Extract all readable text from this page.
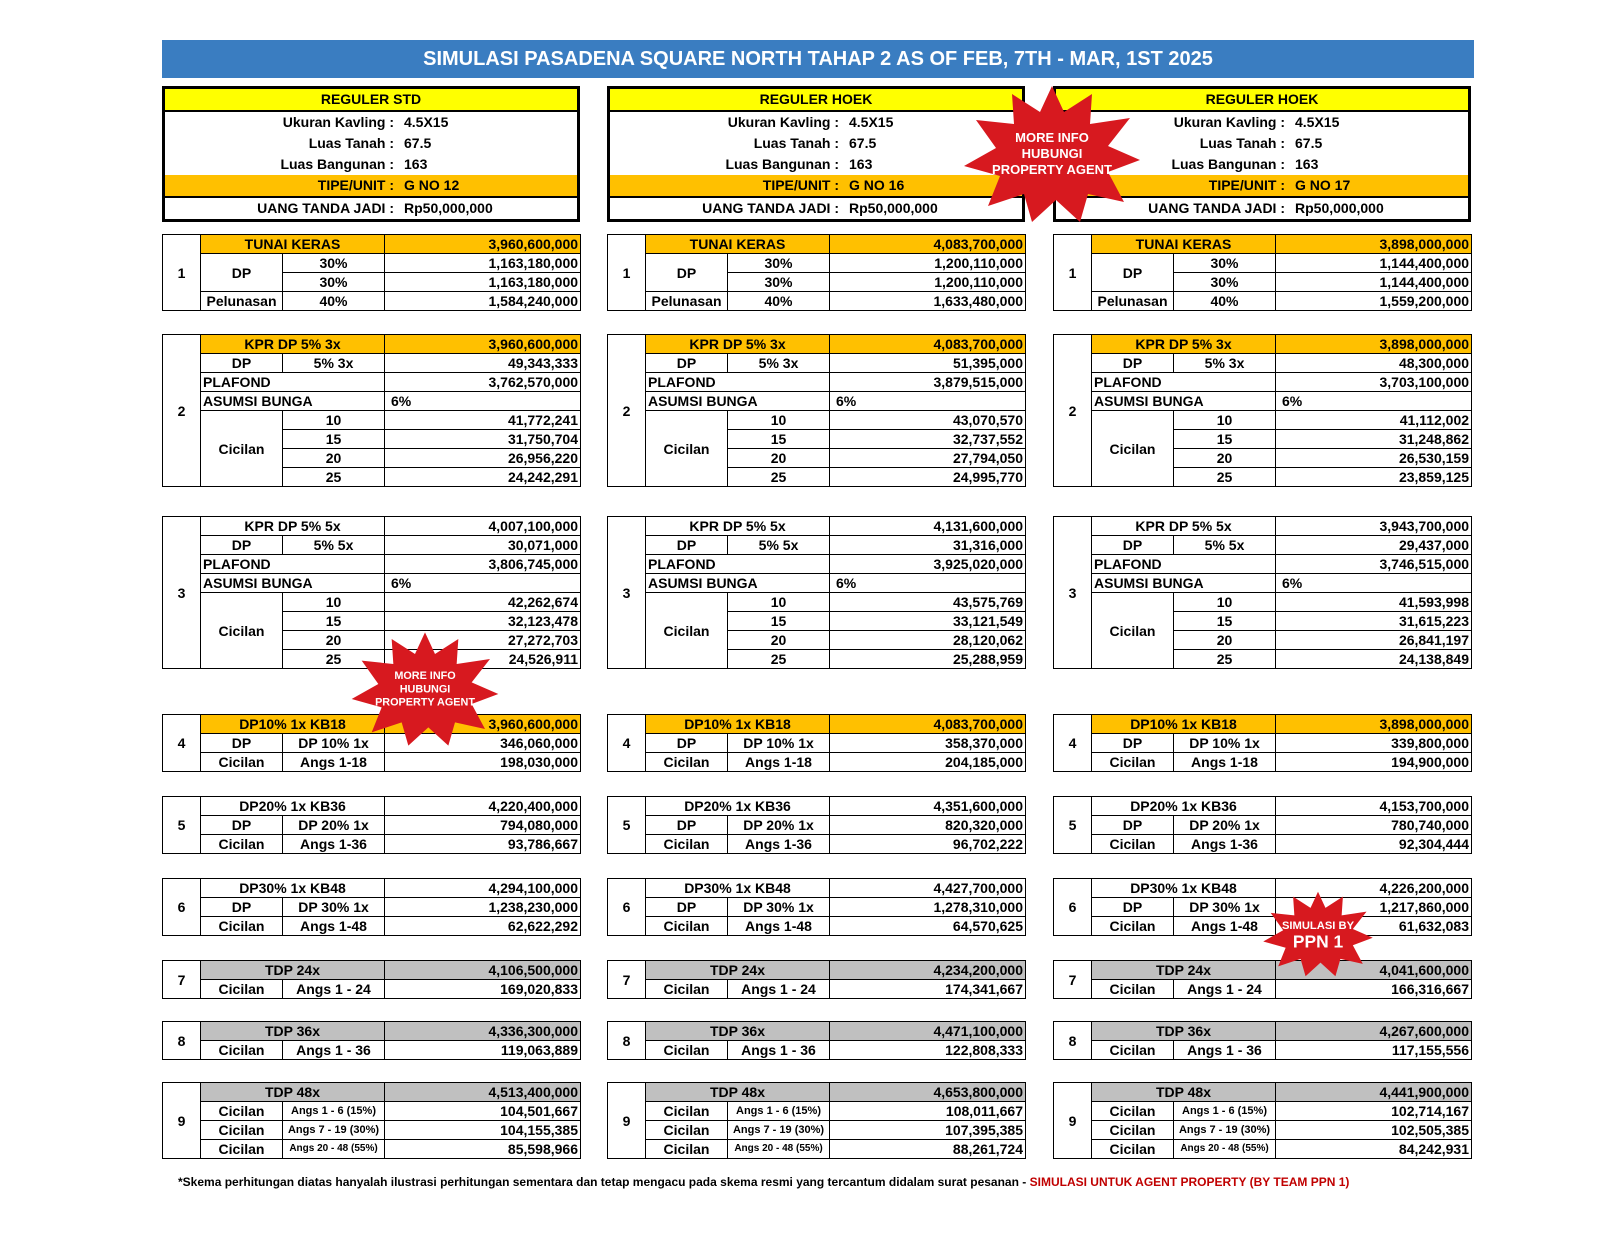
SIMULASI PASADENA SQUARE NORTH TAHAP 2 AS OF FEB, 7TH - MAR, 1ST 2025
REGULER STD
Ukuran Kavling : 4.5X15
Luas Tanah : 67.5
Luas Bangunan : 163
TIPE/UNIT : G NO 12
UANG TANDA JADI : Rp50,000,000
1	TUNAI KERAS		3,960,600,000
	DP	30%	1,163,180,000
		30%	1,163,180,000
	Pelunasan	40%	1,584,240,000
2	KPR DP 5% 3x		3,960,600,000
	DP	5% 3x	49,343,333
	PLAFOND		3,762,570,000
	ASUMSI BUNGA		6%
	Cicilan	10	41,772,241
		15	31,750,704
		20	26,956,220
		25	24,242,291
3	KPR DP 5% 5x		4,007,100,000
	DP	5% 5x	30,071,000
	PLAFOND		3,806,745,000
	ASUMSI BUNGA		6%
	Cicilan	10	42,262,674
		15	32,123,478
		20	27,272,703
		25	24,526,911
4	DP10% 1x KB18		3,960,600,000
	DP	DP 10% 1x	346,060,000
	Cicilan	Angs 1-18	198,030,000
5	DP20% 1x KB36		4,220,400,000
	DP	DP 20% 1x	794,080,000
	Cicilan	Angs 1-36	93,786,667
6	DP30% 1x KB48		4,294,100,000
	DP	DP 30% 1x	1,238,230,000
	Cicilan	Angs 1-48	62,622,292
7	TDP 24x		4,106,500,000
	Cicilan	Angs 1 - 24	169,020,833
8	TDP 36x		4,336,300,000
	Cicilan	Angs 1 - 36	119,063,889
9	TDP 48x		4,513,400,000
	Cicilan	Angs 1 - 6 (15%)	104,501,667
	Cicilan	Angs 7 - 19 (30%)	104,155,385
	Cicilan	Angs 20 - 48 (55%)	85,598,966
REGULER HOEK
Ukuran Kavling : 4.5X15
Luas Tanah : 67.5
Luas Bangunan : 163
TIPE/UNIT : G NO 16
UANG TANDA JADI : Rp50,000,000
1	TUNAI KERAS		4,083,700,000
	DP	30%	1,200,110,000
		30%	1,200,110,000
	Pelunasan	40%	1,633,480,000
2	KPR DP 5% 3x		4,083,700,000
	DP	5% 3x	51,395,000
	PLAFOND		3,879,515,000
	ASUMSI BUNGA		6%
	Cicilan	10	43,070,570
		15	32,737,552
		20	27,794,050
		25	24,995,770
3	KPR DP 5% 5x		4,131,600,000
	DP	5% 5x	31,316,000
	PLAFOND		3,925,020,000
	ASUMSI BUNGA		6%
	Cicilan	10	43,575,769
		15	33,121,549
		20	28,120,062
		25	25,288,959
4	DP10% 1x KB18		4,083,700,000
	DP	DP 10% 1x	358,370,000
	Cicilan	Angs 1-18	204,185,000
5	DP20% 1x KB36		4,351,600,000
	DP	DP 20% 1x	820,320,000
	Cicilan	Angs 1-36	96,702,222
6	DP30% 1x KB48		4,427,700,000
	DP	DP 30% 1x	1,278,310,000
	Cicilan	Angs 1-48	64,570,625
7	TDP 24x		4,234,200,000
	Cicilan	Angs 1 - 24	174,341,667
8	TDP 36x		4,471,100,000
	Cicilan	Angs 1 - 36	122,808,333
9	TDP 48x		4,653,800,000
	Cicilan	Angs 1 - 6 (15%)	108,011,667
	Cicilan	Angs 7 - 19 (30%)	107,395,385
	Cicilan	Angs 20 - 48 (55%)	88,261,724
REGULER HOEK
Ukuran Kavling : 4.5X15
Luas Tanah : 67.5
Luas Bangunan : 163
TIPE/UNIT : G NO 17
UANG TANDA JADI : Rp50,000,000
1	TUNAI KERAS		3,898,000,000
	DP	30%	1,144,400,000
		30%	1,144,400,000
	Pelunasan	40%	1,559,200,000
2	KPR DP 5% 3x		3,898,000,000
	DP	5% 3x	48,300,000
	PLAFOND		3,703,100,000
	ASUMSI BUNGA		6%
	Cicilan	10	41,112,002
		15	31,248,862
		20	26,530,159
		25	23,859,125
3	KPR DP 5% 5x		3,943,700,000
	DP	5% 5x	29,437,000
	PLAFOND		3,746,515,000
	ASUMSI BUNGA		6%
	Cicilan	10	41,593,998
		15	31,615,223
		20	26,841,197
		25	24,138,849
4	DP10% 1x KB18		3,898,000,000
	DP	DP 10% 1x	339,800,000
	Cicilan	Angs 1-18	194,900,000
5	DP20% 1x KB36		4,153,700,000
	DP	DP 20% 1x	780,740,000
	Cicilan	Angs 1-36	92,304,444
6	DP30% 1x KB48		4,226,200,000
	DP	DP 30% 1x	1,217,860,000
	Cicilan	Angs 1-48	61,632,083
7	TDP 24x		4,041,600,000
	Cicilan	Angs 1 - 24	166,316,667
8	TDP 36x		4,267,600,000
	Cicilan	Angs 1 - 36	117,155,556
9	TDP 48x		4,441,900,000
	Cicilan	Angs 1 - 6 (15%)	102,714,167
	Cicilan	Angs 7 - 19 (30%)	102,505,385
	Cicilan	Angs 20 - 48 (55%)	84,242,931
MORE INFO
HUBUNGI
PROPERTY AGENT
MORE INFO
HUBUNGI
PROPERTY AGENT
SIMULASI BY
PPN 1
*Skema perhitungan diatas hanyalah ilustrasi perhitungan sementara dan tetap mengacu pada skema resmi yang tercantum didalam surat pesanan - SIMULASI UNTUK AGENT PROPERTY (BY TEAM PPN 1)
